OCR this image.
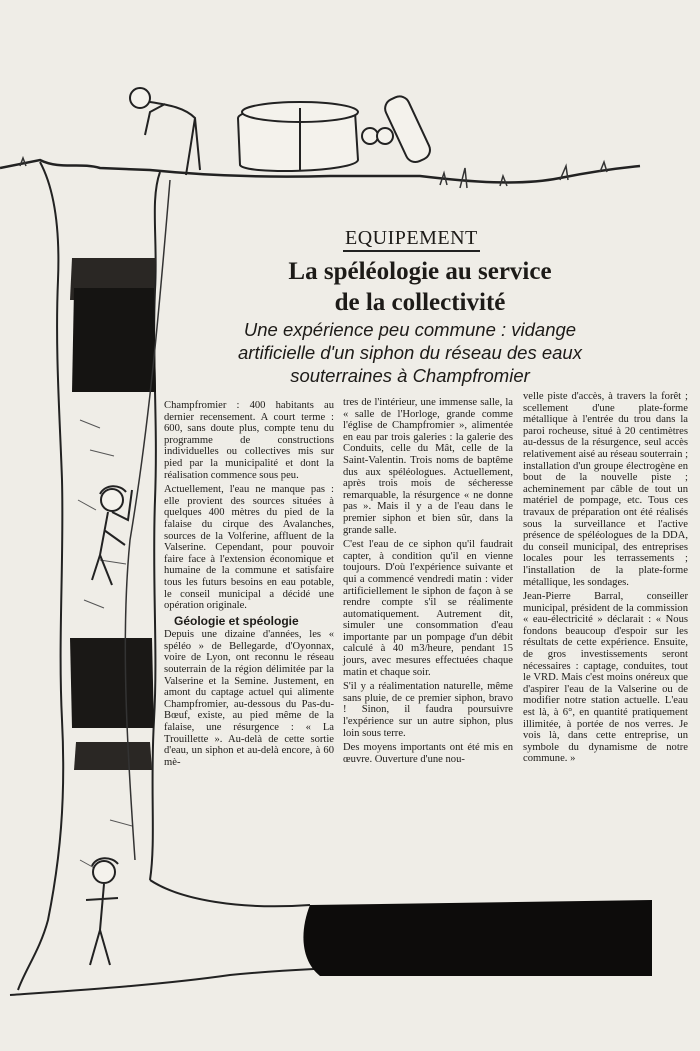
EQUIPEMENT
La spéléologie au service
de la collectivité
Une expérience peu commune : vidange
artificielle d'un siphon du réseau des eaux
souterraines à Champfromier

Champfromier : 400 habitants au dernier recensement. A court terme : 600, sans doute plus, compte tenu du programme de constructions individuelles ou collectives mis sur pied par la municipalité et dont la réalisation commence sous peu.

Actuellement, l'eau ne manque pas : elle provient des sources situées à quelques 400 mètres du pied de la falaise du cirque des Avalanches, sources de la Volferine, affluent de la Valserine. Cependant, pour pouvoir faire face à l'extension économique et humaine de la commune et satisfaire tous les futurs besoins en eau potable, le conseil municipal a décidé une opération originale.

Géologie et spéologie

Depuis une dizaine d'années, les « spéléo » de Bellegarde, d'Oyonnax, voire de Lyon, ont reconnu le réseau souterrain de la région délimitée par la Valserine et la Semine. Justement, en amont du captage actuel qui alimente Champfromier, au-dessous du Pas-du-Bœuf, existe, au pied même de la falaise, une résurgence : « La Trouillette ». Au-delà de cette sortie d'eau, un siphon et au-delà encore, à 60 mè-

tres de l'intérieur, une immense salle, la « salle de l'Horloge, grande comme l'église de Champfromier », alimentée en eau par trois galeries : la galerie des Conduits, celle du Mât, celle de la Saint-Valentin. Trois noms de baptême dus aux spéléologues. Actuellement, après trois mois de sécheresse remarquable, la résurgence « ne donne pas ». Mais il y a de l'eau dans le premier siphon et bien sûr, dans la grande salle.

C'est l'eau de ce siphon qu'il faudrait capter, à condition qu'il en vienne toujours. D'où l'expérience suivante et qui a commencé vendredi matin : vider artificiellement le siphon de façon à se rendre compte s'il se réalimente automatiquement. Autrement dit, simuler une consommation d'eau importante par un pompage d'un débit calculé à 40 m3/heure, pendant 15 jours, avec mesures effectuées chaque matin et chaque soir.

S'il y a réalimentation naturelle, même sans pluie, de ce premier siphon, bravo ! Sinon, il faudra poursuivre l'expérience sur un autre siphon, plus loin sous terre.

Des moyens importants ont été mis en œuvre. Ouverture d'une nou-

velle piste d'accès, à travers la forêt ; scellement d'une plate-forme métallique à l'entrée du trou dans la paroi rocheuse, situé à 20 centimètres au-dessus de la résurgence, seul accès relativement aisé au réseau souterrain ; installation d'un groupe électrogène en bout de la nouvelle piste ; acheminement par câble de tout un matériel de pompage, etc. Tous ces travaux de préparation ont été réalisés sous la surveillance et l'active présence de spéléologues de la DDA, du conseil municipal, des entreprises locales pour les terrassements ; l'installation de la plate-forme métallique, les sondages.

Jean-Pierre Barral, conseiller municipal, président de la commission « eau-électricité » déclarait : « Nous fondons beaucoup d'espoir sur les résultats de cette expérience. Ensuite, de gros investissements seront nécessaires : captage, conduites, tout le VRD. Mais c'est moins onéreux que d'aspirer l'eau de la Valserine ou de modifier notre station actuelle. L'eau est là, à 6°, en quantité pratiquement illimitée, à portée de nos verres. Je vois là, dans cette entreprise, un symbole du dynamisme de notre commune. »
